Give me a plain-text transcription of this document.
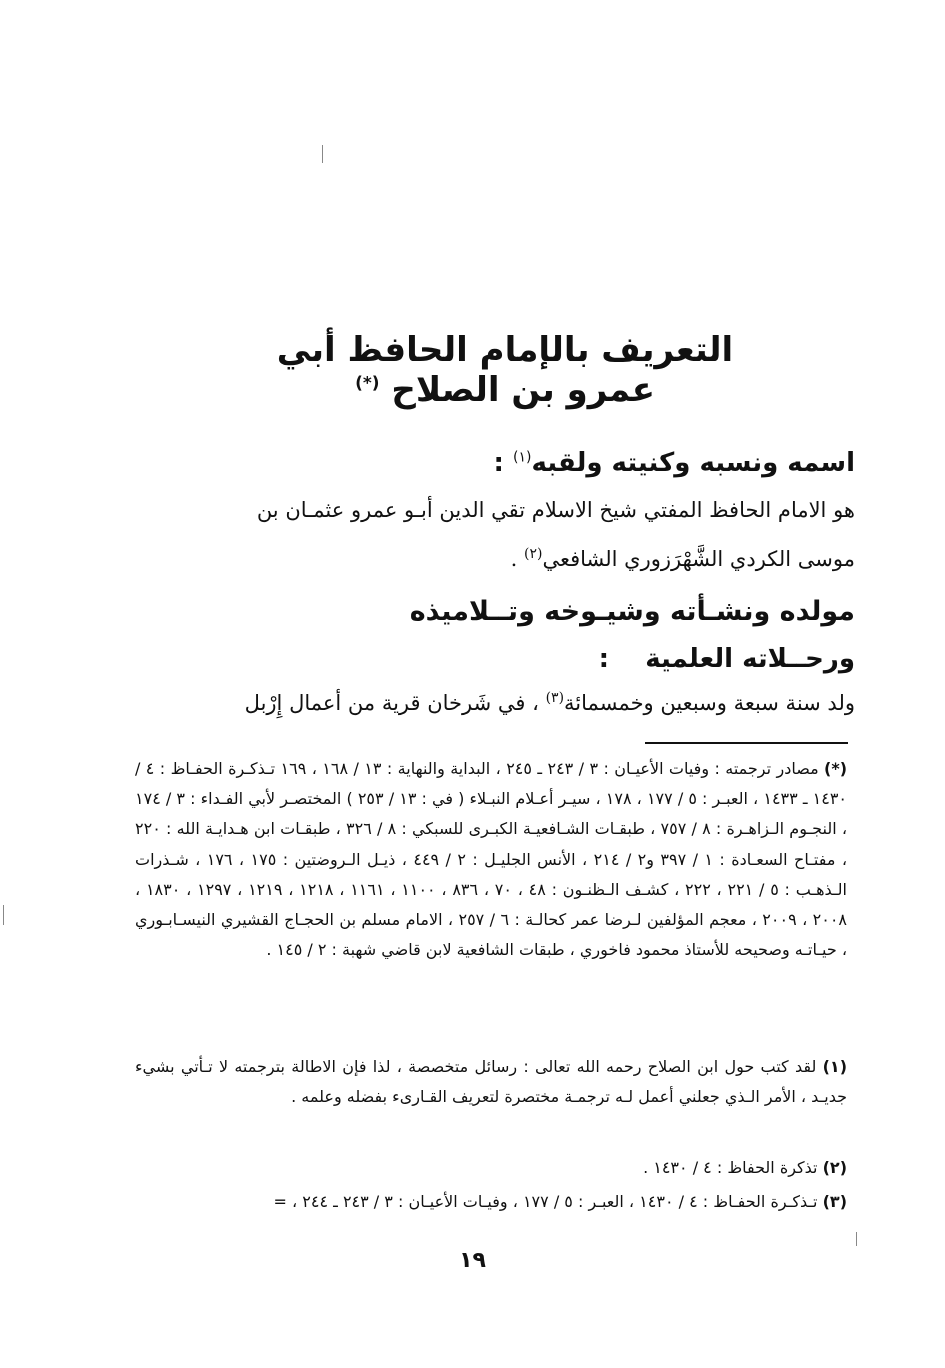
التعريف بالإمام الحافظ أبي عمرو بن الصلاح (*)
اسمه ونسبه وكنيته ولقبه$^{(١)}$ :
هو الامام الحافظ المفتي شيخ الاسلام تقي الدين أبـو عمرو عثمـان بن
موسى الكردي الشَّهْرَزوري الشافعي$^{(٢)}$ .
مولده ونشـأته وشيـوخه وتــلاميذه
ورحــلاته العلمية    :
ولد سنة سبعة وسبعين وخمسمائة$^{(٣)}$ ، في شَرخان قرية من أعمال إِرْبل
(*) مصادر ترجمته : وفيات الأعيـان : ٣ / ٢٤٣ ـ ٢٤٥ ، البداية والنهاية : ١٣ / ١٦٨ ، ١٦٩ تـذكـرة الحفـاظ : ٤ / ١٤٣٠ ـ ١٤٣٣ ، العبـر : ٥ / ١٧٧ ، ١٧٨ ، سيـر أعـلام النبـلاء ( في : ١٣ / ٢٥٣ ) المختصـر لأبي الفـداء : ٣ / ١٧٤ ، النجـوم الـزاهـرة : ٨ / ٧٥٧ ، طبقـات الشـافعيـة الكبـرى للسبكي : ٨ / ٣٢٦ ، طبقـات ابن هـدايـة الله : ٢٢٠ ، مفتـاح السعـادة : ١ / ٣٩٧ و٢ / ٢١٤ ، الأنس الجليـل : ٢ / ٤٤٩ ، ذيـل الـروضتين : ١٧٥ ، ١٧٦ ، شـذرات الـذهـب : ٥ / ٢٢١ ، ٢٢٢ ، كشـف الـظنـون : ٤٨ ، ٧٠ ، ٨٣٦ ، ١١٠٠ ، ١١٦١ ، ١٢١٨ ، ١٢١٩ ، ١٢٩٧ ، ١٨٣٠ ، ٢٠٠٨ ، ٢٠٠٩ ، معجم المؤلفين لـرضا عمر كحالـة : ٦ / ٢٥٧ ، الامام مسلم بن الحجـاج القشيري النيسـابـوري ، حيـاتـه وصحيحه للأستاذ محمود فاخوري ، طبقات الشافعية لابن قاضي شهبة : ٢ / ١٤٥ .
(١) لقد كتب حول ابن الصلاح رحمه الله تعالى : رسائل متخصصة ، لذا فإن الاطالة بترجمته لا تـأتي بشيء جديـد ، الأمر الـذي جعلني أعمل لـه ترجمـة مختصرة لتعريف القـارىء بفضله وعلمه .
(٢) تذكرة الحفاظ : ٤ / ١٤٣٠ .
(٣) تـذكـرة الحفـاظ : ٤ / ١٤٣٠ ، العبـر : ٥ / ١٧٧ ، وفيـات الأعيـان : ٣ / ٢٤٣ ـ ٢٤٤ ، =
١٩
